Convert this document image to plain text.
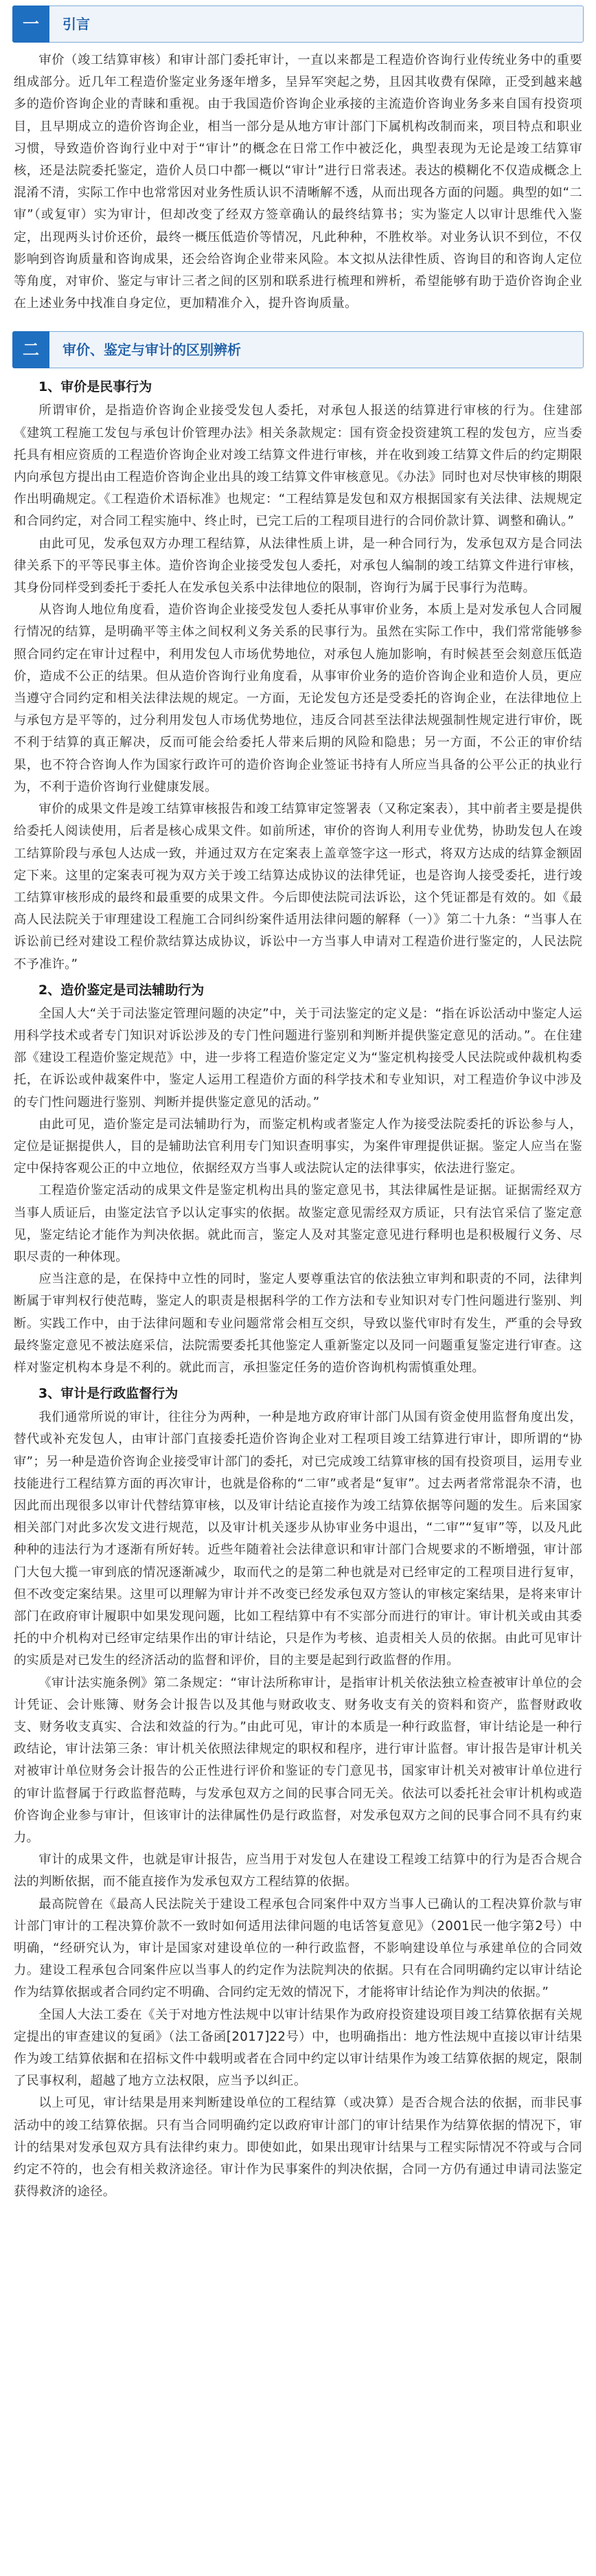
一	引言

审价（竣工结算审核）和审计部门委托审计，一直以来都是工程造价咨询行业传统业务中的重要组成部分。近几年工程造价鉴定业务逐年增多，呈异军突起之势，且因其收费有保障，正受到越来越多的造价咨询企业的青睐和重视。由于我国造价咨询企业承接的主流造价咨询业务多来自国有投资项目，且早期成立的造价咨询企业，相当一部分是从地方审计部门下属机构改制而来，项目特点和职业习惯，导致造价咨询行业中对于“审计”的概念在日常工作中被泛化，典型表现为无论是竣工结算审核，还是法院委托鉴定，造价人员口中都一概以“审计”进行日常表述。表达的模糊化不仅造成概念上混淆不清，实际工作中也常常因对业务性质认识不清晰解不透，从而出现各方面的问题。典型的如“二审”（或复审）实为审计，但却改变了经双方签章确认的最终结算书；实为鉴定人以审计思维代入鉴定，出现两头讨价还价，最终一概压低造价等情况，凡此种种，不胜枚举。对业务认识不到位，不仅影响到咨询质量和咨询成果，还会给咨询企业带来风险。本文拟从法律性质、咨询目的和咨询人定位等角度，对审价、鉴定与审计三者之间的区别和联系进行梳理和辨析，希望能够有助于造价咨询企业在上述业务中找准自身定位，更加精准介入，提升咨询质量。

二	审价、鉴定与审计的区别辨析
1、审价是民事行为

所谓审价，是指造价咨询企业接受发包人委托，对承包人报送的结算进行审核的行为。住建部《建筑工程施工发包与承包计价管理办法》相关条款规定：国有资金投资建筑工程的发包方，应当委托具有相应资质的工程造价咨询企业对竣工结算文件进行审核，并在收到竣工结算文件后的约定期限内向承包方提出由工程造价咨询企业出具的竣工结算文件审核意见。《办法》同时也对尽快审核的期限作出明确规定。《工程造价术语标准》也规定：“工程结算是发包和双方根据国家有关法律、法规规定和合同约定，对合同工程实施中、终止时，已完工后的工程项目进行的合同价款计算、调整和确认。”

由此可见，发承包双方办理工程结算，从法律性质上讲，是一种合同行为，发承包双方是合同法律关系下的平等民事主体。造价咨询企业接受发包人委托，对承包人编制的竣工结算文件进行审核，其身份同样受到委托于委托人在发承包关系中法律地位的限制，咨询行为属于民事行为范畴。

从咨询人地位角度看，造价咨询企业接受发包人委托从事审价业务，本质上是对发承包人合同履行情况的结算，是明确平等主体之间权利义务关系的民事行为。虽然在实际工作中，我们常常能够参照合同约定在审计过程中，利用发包人市场优势地位，对承包人施加影响，有时候甚至会刻意压低造价，造成不公正的结果。但从造价咨询行业角度看，从事审价业务的造价咨询企业和造价人员，更应当遵守合同约定和相关法律法规的规定。一方面，无论发包方还是受委托的咨询企业，在法律地位上与承包方是平等的，过分利用发包人市场优势地位，违反合同甚至法律法规强制性规定进行审价，既不利于结算的真正解决，反而可能会给委托人带来后期的风险和隐患；另一方面，不公正的审价结果，也不符合咨询人作为国家行政许可的造价咨询企业签证书持有人所应当具备的公平公正的执业行为，不利于造价咨询行业健康发展。

审价的成果文件是竣工结算审核报告和竣工结算审定签署表（又称定案表），其中前者主要是提供给委托人阅读使用，后者是核心成果文件。如前所述，审价的咨询人利用专业优势，协助发包人在竣工结算阶段与承包人达成一致，并通过双方在定案表上盖章签字这一形式，将双方达成的结算金额固定下来。这里的定案表可视为双方关于竣工结算达成协议的法律凭证，也是咨询人接受委托，进行竣工结算审核形成的最终和最重要的成果文件。今后即使法院司法诉讼，这个凭证都是有效的。如《最高人民法院关于审理建设工程施工合同纠纷案件适用法律问题的解释（一）》第二十九条：“当事人在诉讼前已经对建设工程价款结算达成协议，诉讼中一方当事人申请对工程造价进行鉴定的，人民法院不予准许。”

2、造价鉴定是司法辅助行为

全国人大“关于司法鉴定管理问题的决定”中，关于司法鉴定的定义是：“指在诉讼活动中鉴定人运用科学技术或者专门知识对诉讼涉及的专门性问题进行鉴别和判断并提供鉴定意见的活动。”。在住建部《建设工程造价鉴定规范》中，进一步将工程造价鉴定定义为“鉴定机构接受人民法院或仲裁机构委托，在诉讼或仲裁案件中，鉴定人运用工程造价方面的科学技术和专业知识，对工程造价争议中涉及的专门性问题进行鉴别、判断并提供鉴定意见的活动。”

由此可见，造价鉴定是司法辅助行为，而鉴定机构或者鉴定人作为接受法院委托的诉讼参与人，定位是证据提供人，目的是辅助法官利用专门知识查明事实，为案件审理提供证据。鉴定人应当在鉴定中保持客观公正的中立地位，依据经双方当事人或法院认定的法律事实，依法进行鉴定。

工程造价鉴定活动的成果文件是鉴定机构出具的鉴定意见书，其法律属性是证据。证据需经双方当事人质证后，由鉴定法官予以认定事实的依据。故鉴定意见需经双方质证，只有法官采信了鉴定意见，鉴定结论才能作为判决依据。就此而言，鉴定人及对其鉴定意见进行释明也是积极履行义务、尽职尽责的一种体现。

应当注意的是，在保持中立性的同时，鉴定人要尊重法官的依法独立审判和职责的不同，法律判断属于审判权行使范畴，鉴定人的职责是根据科学的工作方法和专业知识对专门性问题进行鉴别、判断。实践工作中，由于法律问题和专业问题常常会相互交织，导致以鉴代审时有发生，严重的会导致最终鉴定意见不被法庭采信，法院需要委托其他鉴定人重新鉴定以及同一问题重复鉴定进行审查。这样对鉴定机构本身是不利的。就此而言，承担鉴定任务的造价咨询机构需慎重处理。

3、审计是行政监督行为

我们通常所说的审计，往往分为两种，一种是地方政府审计部门从国有资金使用监督角度出发，替代或补充发包人，由审计部门直接委托造价咨询企业对工程项目竣工结算进行审计，即所谓的“协审”；另一种是造价咨询企业接受审计部门的委托，对已完成竣工结算审核的国有投资项目，运用专业技能进行工程结算方面的再次审计，也就是俗称的“二审”或者是“复审”。过去两者常常混杂不清，也因此而出现很多以审计代替结算审核，以及审计结论直接作为竣工结算依据等问题的发生。后来国家相关部门对此多次发文进行规范，以及审计机关逐步从协审业务中退出，“二审”“复审”等，以及凡此种种的违法行为才逐渐有所好转。近些年随着社会法律意识和审计部门合规要求的不断增强，审计部门大包大揽一审到底的情况逐渐减少，取而代之的是第二种也就是对已经审定的工程项目进行复审，但不改变定案结果。这里可以理解为审计并不改变已经发承包双方签认的审核定案结果，是将来审计部门在政府审计履职中如果发现问题，比如工程结算中有不实部分而进行的审计。审计机关或由其委托的中介机构对已经审定结果作出的审计结论，只是作为考核、追责相关人员的依据。由此可见审计的实质是对已发生的经济活动的监督和评价，目的主要是起到行政监督的作用。

《审计法实施条例》第二条规定：“审计法所称审计，是指审计机关依法独立检查被审计单位的会计凭证、会计账簿、财务会计报告以及其他与财政收支、财务收支有关的资料和资产，监督财政收支、财务收支真实、合法和效益的行为。”由此可见，审计的本质是一种行政监督，审计结论是一种行政结论，审计法第三条：审计机关依照法律规定的职权和程序，进行审计监督。审计报告是审计机关对被审计单位财务会计报告的公正性进行评价和鉴证的专门意见书，国家审计机关对被审计单位进行的审计监督属于行政监督范畴，与发承包双方之间的民事合同无关。依法可以委托社会审计机构或造价咨询企业参与审计，但该审计的法律属性仍是行政监督，对发承包双方之间的民事合同不具有约束力。

审计的成果文件，也就是审计报告，应当用于对发包人在建设工程竣工结算中的行为是否合规合法的判断依据，而不能直接作为发承包双方工程结算的依据。

最高院曾在《最高人民法院关于建设工程承包合同案件中双方当事人已确认的工程决算价款与审计部门审计的工程决算价款不一致时如何适用法律问题的电话答复意见》（2001民一他字第2号）中明确，“经研究认为，审计是国家对建设单位的一种行政监督，不影响建设单位与承建单位的合同效力。建设工程承包合同案件应以当事人的约定作为法院判决的依据。只有在合同明确约定以审计结论作为结算依据或者合同约定不明确、合同约定无效的情况下，才能将审计结论作为判决的依据。”

全国人大法工委在《关于对地方性法规中以审计结果作为政府投资建设项目竣工结算依据有关规定提出的审查建议的复函》（法工备函[2017]22号）中，也明确指出：地方性法规中直接以审计结果作为竣工结算依据和在招标文件中载明或者在合同中约定以审计结果作为竣工结算依据的规定，限制了民事权利，超越了地方立法权限，应当予以纠正。

以上可见，审计结果是用来判断建设单位的工程结算（或决算）是否合规合法的依据，而非民事活动中的竣工结算依据。只有当合同明确约定以政府审计部门的审计结果作为结算依据的情况下，审计的结果对发承包双方具有法律约束力。即使如此，如果出现审计结果与工程实际情况不符或与合同约定不符的，也会有相关救济途径。审计作为民事案件的判决依据，合同一方仍有通过申请司法鉴定获得救济的途径。
